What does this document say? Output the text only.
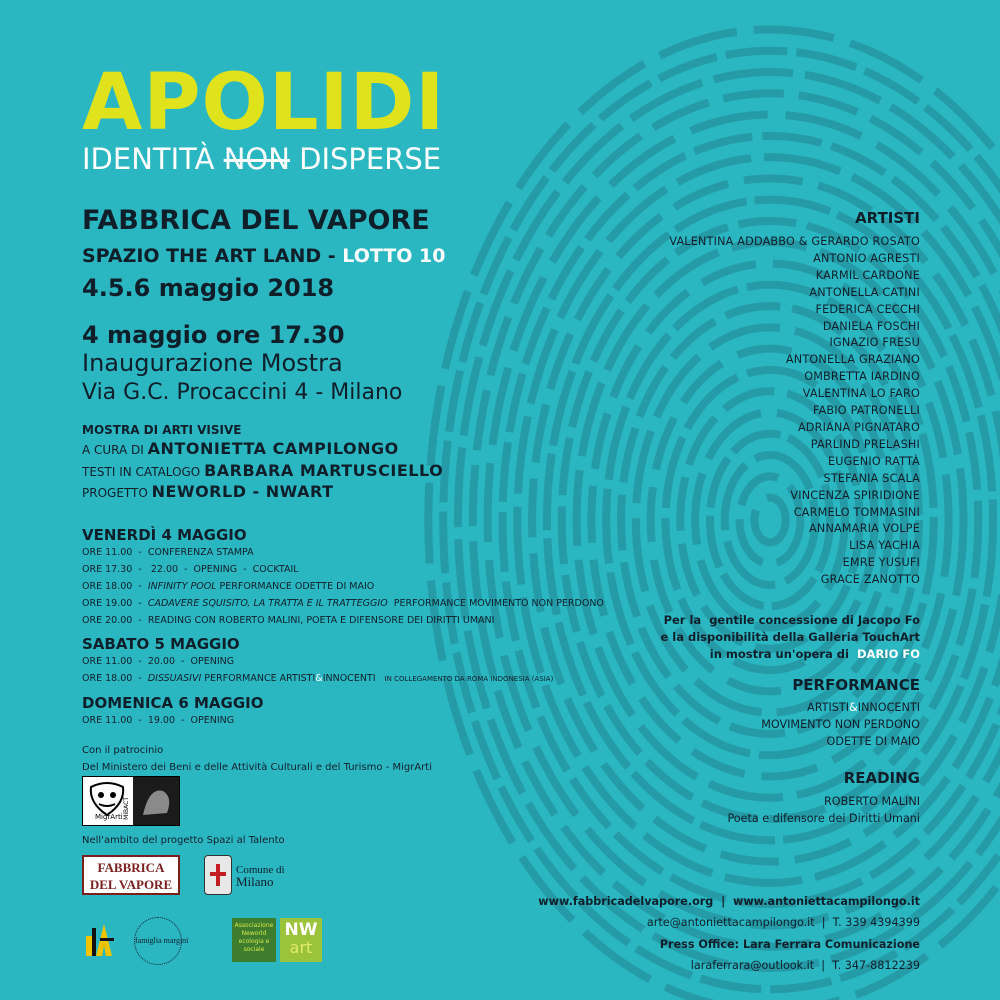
APOLIDI
IDENTITÀ NON DISPERSE
FABBRICA DEL VAPORE
SPAZIO THE ART LAND - LOTTO 10
4.5.6 maggio 2018
4 maggio ore 17.30
Inaugurazione Mostra
Via G.C. Procaccini 4 - Milano
MOSTRA DI ARTI VISIVE
A CURA DI ANTONIETTA CAMPILONGO
TESTI IN CATALOGO BARBARA MARTUSCIELLO
PROGETTO NEWORLD - NWART
VENERDÌ 4 MAGGIO
ORE 11.00  -  CONFERENZA STAMPA
ORE 17.30  -   22.00  -  OPENING  -  COCKTAIL
ORE 18.00  -  INFINITY POOL PERFORMANCE ODETTE DI MAIO
ORE 19.00  -  CADAVERE SQUISITO, LA TRATTA E IL TRATTEGGIO  PERFORMANCE MOVIMENTO NON PERDONO
ORE 20.00  -  READING CON ROBERTO MALINI, POETA E DIFENSORE DEI DIRITTI UMANI
SABATO 5 MAGGIO
ORE 11.00  -  20.00  -  OPENING
ORE 18.00  -  DISSUASIVI PERFORMANCE ARTISTI&INNOCENTI IN COLLEGAMENTO DA ROMA INDONESIA (ASIA)
DOMENICA 6 MAGGIO
ORE 11.00  -  19.00  -  OPENING
Con il patrocinio
Del Ministero dei Beni e delle Attività Culturali e del Turismo - MigrArti
MigrArti MiBACT
Nell'ambito del progetto Spazi al Talento
FABBRICA
DEL VAPORE
Comune di
Milano
famiglia margini
Associazione Neworld ecologia e sociale
NW
art
ARTISTI
VALENTINA ADDABBO & GERARDO ROSATO
ANTONIO AGRESTI
KARMIL CARDONE
ANTONELLA CATINI
FEDERICA CECCHI
DANIELA FOSCHI
IGNAZIO FRESU
ANTONELLA GRAZIANO
OMBRETTA IARDINO
VALENTINA LO FARO
FABIO PATRONELLI
ADRIANA PIGNATARO
PARLIND PRELASHI
EUGENIO RATTÀ
STEFANIA SCALA
VINCENZA SPIRIDIONE
CARMELO TOMMASINI
ANNAMARIA VOLPE
LISA YACHIA
EMRE YUSUFI
GRACE ZANOTTO
Per la  gentile concessione di Jacopo Fo
e la disponibilità della Galleria TouchArt
in mostra un'opera di  DARIO FO
PERFORMANCE
ARTISTI&INNOCENTI
MOVIMENTO NON PERDONO
ODETTE DI MAIO
READING
ROBERTO MALINI
Poeta e difensore dei Diritti Umani
www.fabbricadelvapore.org  |  www.antoniettacampilongo.it
arte@antoniettacampilongo.it  |  T. 339 4394399
Press Office: Lara Ferrara Comunicazione
laraferrara@outlook.it  |  T. 347-8812239
